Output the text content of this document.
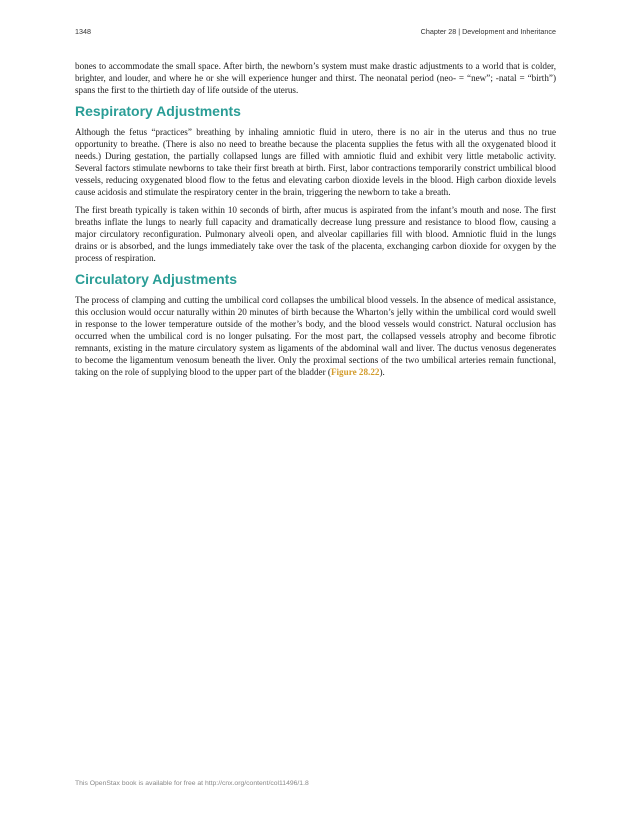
1348	Chapter 28 | Development and Inheritance

bones to accommodate the small space. After birth, the newborn’s system must make drastic adjustments to a world that is colder, brighter, and louder, and where he or she will experience hunger and thirst. The neonatal period (neo- = “new”; -natal = “birth”) spans the first to the thirtieth day of life outside of the uterus.

Respiratory Adjustments

Although the fetus “practices” breathing by inhaling amniotic fluid in utero, there is no air in the uterus and thus no true opportunity to breathe. (There is also no need to breathe because the placenta supplies the fetus with all the oxygenated blood it needs.) During gestation, the partially collapsed lungs are filled with amniotic fluid and exhibit very little metabolic activity. Several factors stimulate newborns to take their first breath at birth. First, labor contractions temporarily constrict umbilical blood vessels, reducing oxygenated blood flow to the fetus and elevating carbon dioxide levels in the blood. High carbon dioxide levels cause acidosis and stimulate the respiratory center in the brain, triggering the newborn to take a breath.

The first breath typically is taken within 10 seconds of birth, after mucus is aspirated from the infant’s mouth and nose. The first breaths inflate the lungs to nearly full capacity and dramatically decrease lung pressure and resistance to blood flow, causing a major circulatory reconfiguration. Pulmonary alveoli open, and alveolar capillaries fill with blood. Amniotic fluid in the lungs drains or is absorbed, and the lungs immediately take over the task of the placenta, exchanging carbon dioxide for oxygen by the process of respiration.

Circulatory Adjustments

The process of clamping and cutting the umbilical cord collapses the umbilical blood vessels. In the absence of medical assistance, this occlusion would occur naturally within 20 minutes of birth because the Wharton’s jelly within the umbilical cord would swell in response to the lower temperature outside of the mother’s body, and the blood vessels would constrict. Natural occlusion has occurred when the umbilical cord is no longer pulsating. For the most part, the collapsed vessels atrophy and become fibrotic remnants, existing in the mature circulatory system as ligaments of the abdominal wall and liver. The ductus venosus degenerates to become the ligamentum venosum beneath the liver. Only the proximal sections of the two umbilical arteries remain functional, taking on the role of supplying blood to the upper part of the bladder (Figure 28.22).

This OpenStax book is available for free at http://cnx.org/content/col11496/1.8
